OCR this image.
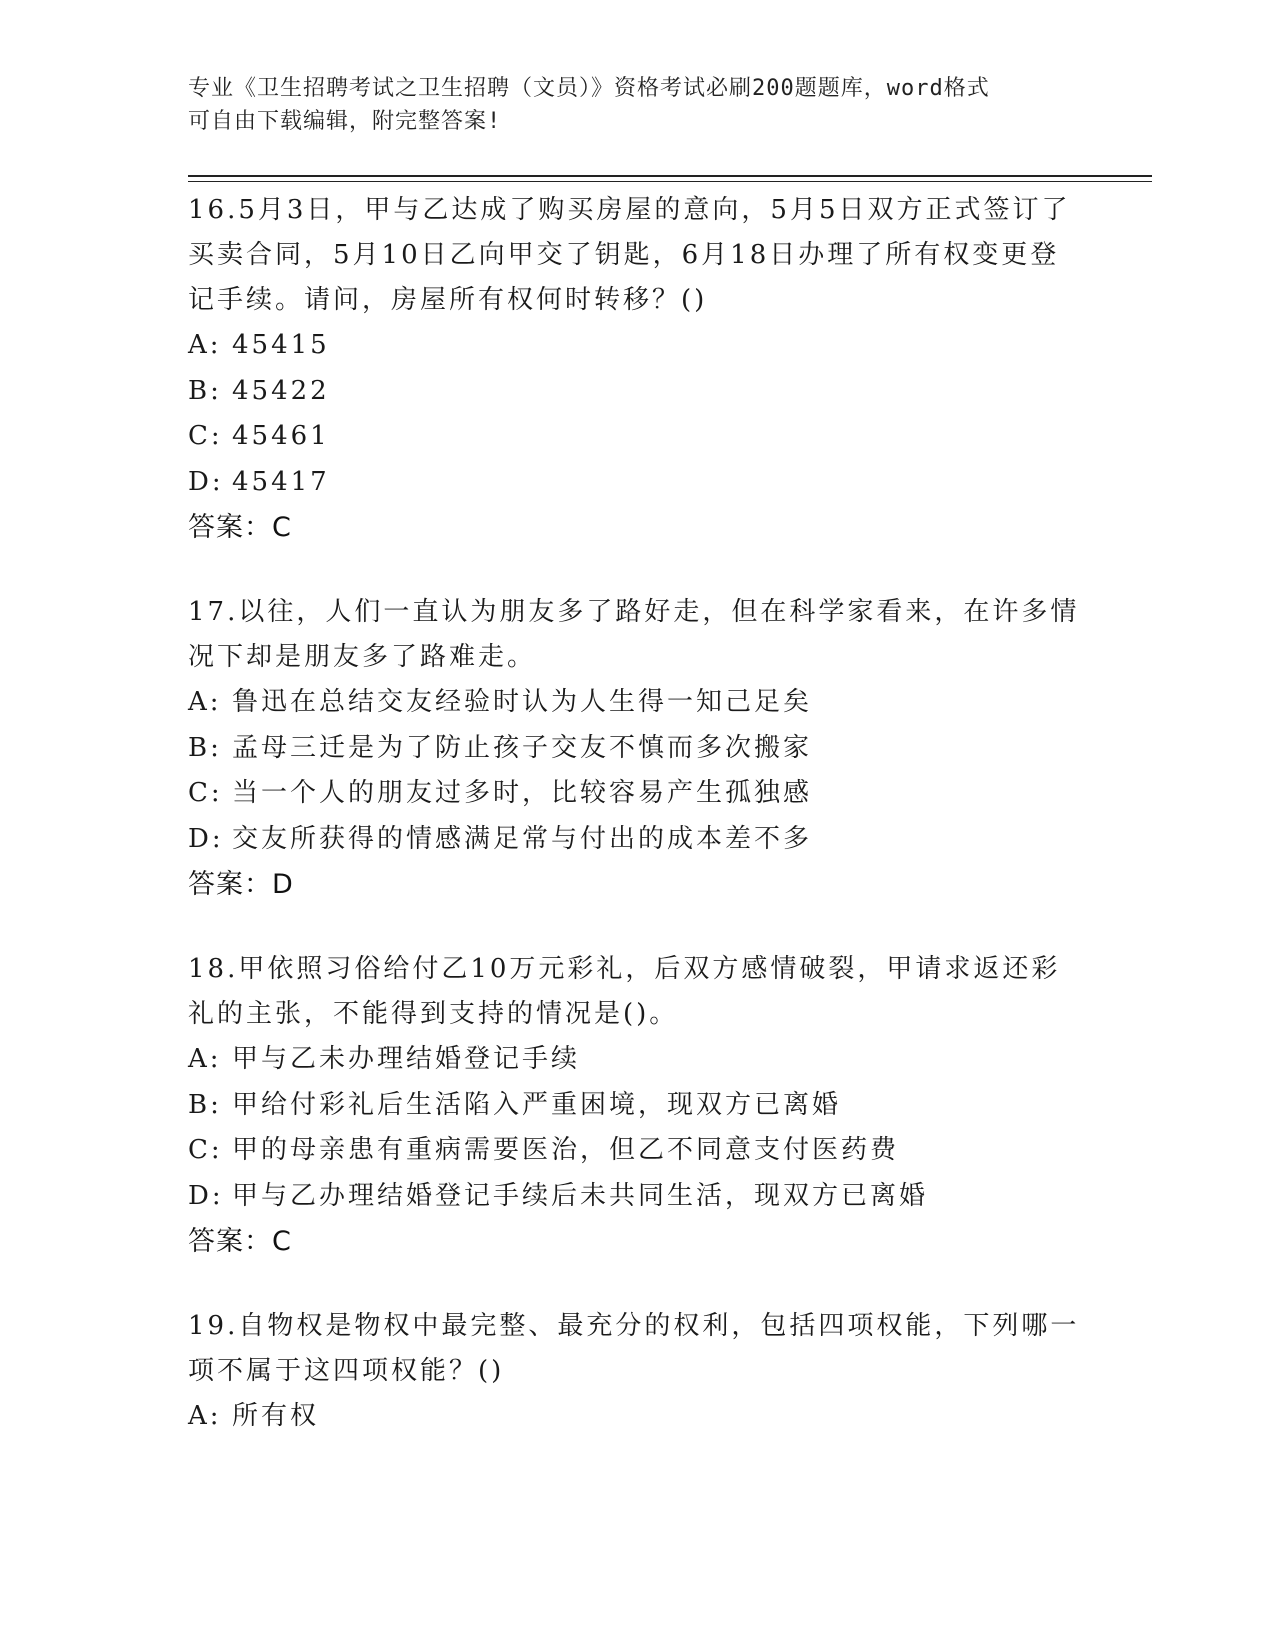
专业《卫生招聘考试之卫生招聘（文员）》资格考试必刷200题题库，word格式
可自由下载编辑，附完整答案!
16.5月3日，甲与乙达成了购买房屋的意向，5月5日双方正式签订了买卖合同，5月10日乙向甲交了钥匙，6月18日办理了所有权变更登记手续。请问，房屋所有权何时转移？()
A: 45415
B: 45422
C: 45461
D: 45417
答案：C
17.以往，人们一直认为朋友多了路好走，但在科学家看来，在许多情况下却是朋友多了路难走。
A: 鲁迅在总结交友经验时认为人生得一知己足矣
B: 孟母三迁是为了防止孩子交友不慎而多次搬家
C: 当一个人的朋友过多时，比较容易产生孤独感
D: 交友所获得的情感满足常与付出的成本差不多
答案：D
18.甲依照习俗给付乙10万元彩礼，后双方感情破裂，甲请求返还彩礼的主张，不能得到支持的情况是()。
A: 甲与乙未办理结婚登记手续
B: 甲给付彩礼后生活陷入严重困境，现双方已离婚
C: 甲的母亲患有重病需要医治，但乙不同意支付医药费
D: 甲与乙办理结婚登记手续后未共同生活，现双方已离婚
答案：C
19.自物权是物权中最完整、最充分的权利，包括四项权能，下列哪一项不属于这四项权能？()
A: 所有权
